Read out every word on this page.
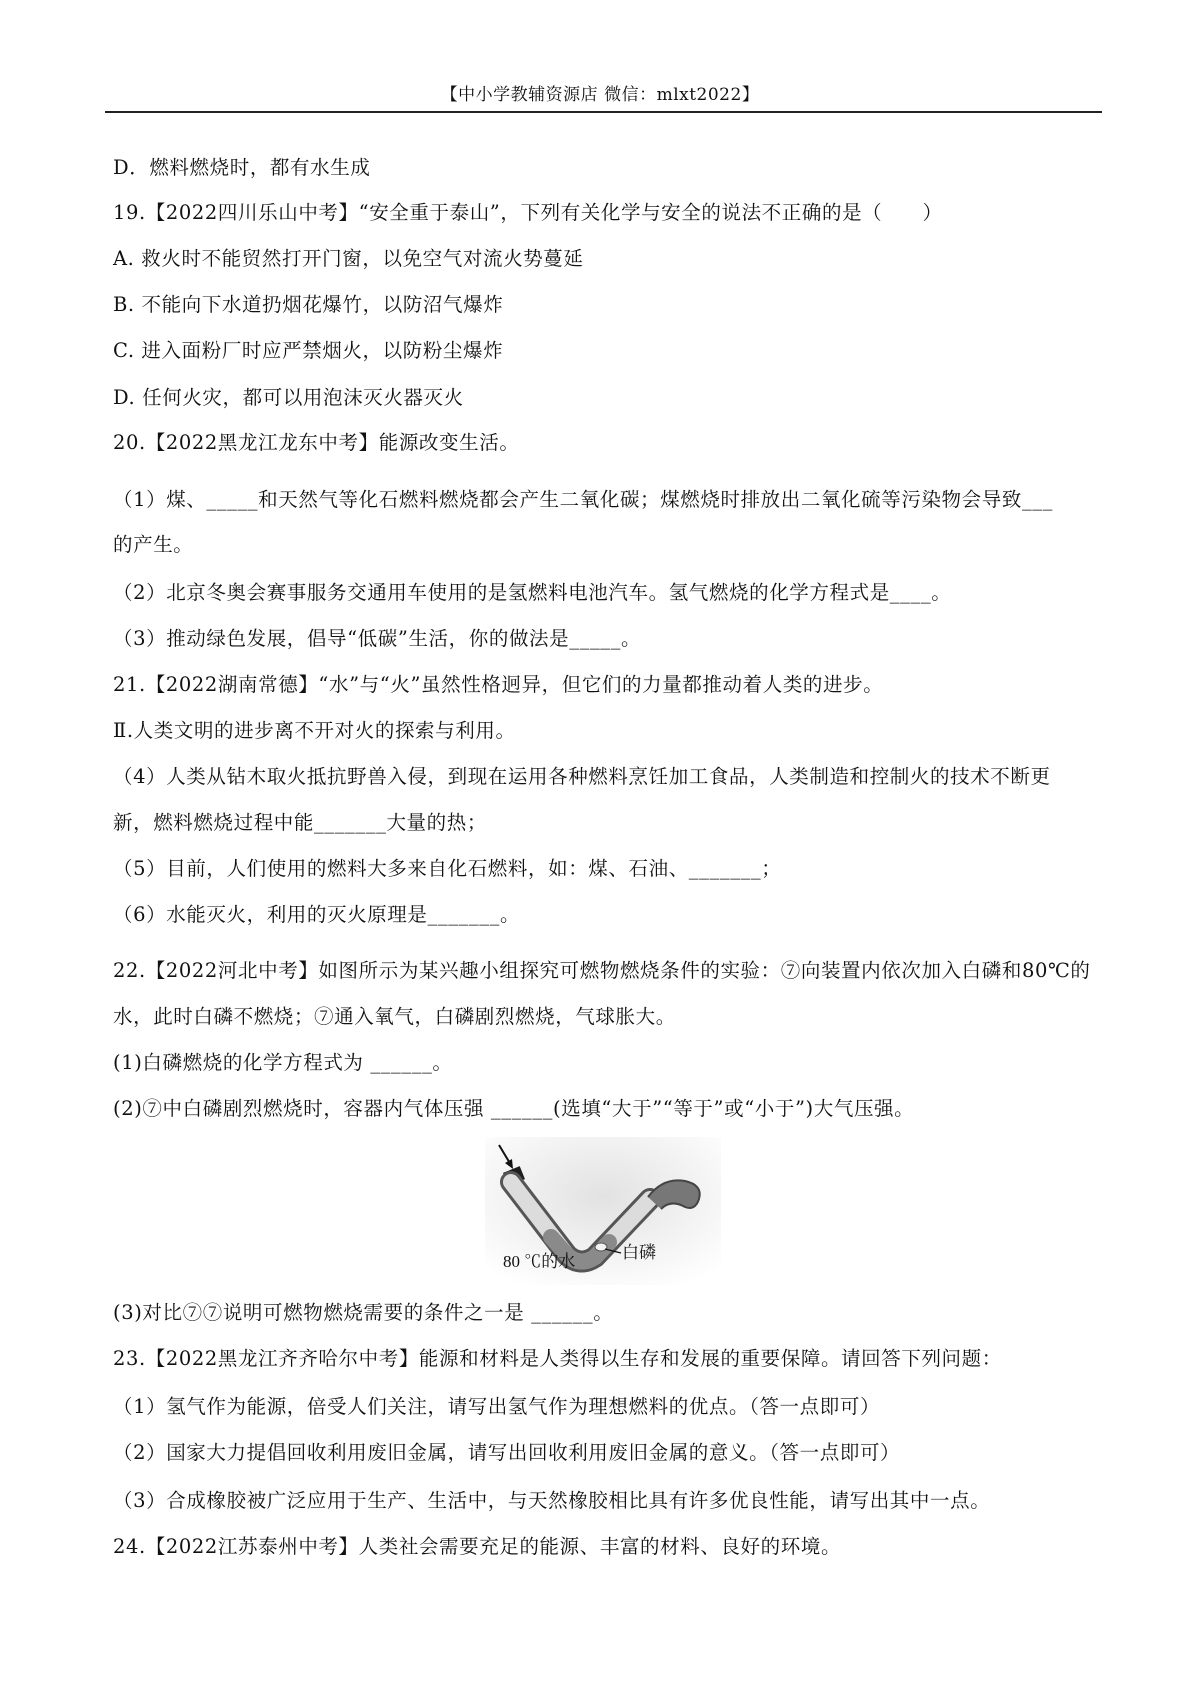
【中小学教辅资源店 微信：mlxt2022】
D．燃料燃烧时，都有水生成
19.【2022四川乐山中考】“安全重于泰山”，下列有关化学与安全的说法不正确的是（　　）
A. 救火时不能贸然打开门窗，以免空气对流火势蔓延
B. 不能向下水道扔烟花爆竹，以防沼气爆炸
C. 进入面粉厂时应严禁烟火，以防粉尘爆炸
D. 任何火灾，都可以用泡沫灭火器灭火
20.【2022黑龙江龙东中考】能源改变生活。
（1）煤、_____和天然气等化石燃料燃烧都会产生二氧化碳；煤燃烧时排放出二氧化硫等污染物会导致___
的产生。
（2）北京冬奥会赛事服务交通用车使用的是氢燃料电池汽车。氢气燃烧的化学方程式是____。
（3）推动绿色发展，倡导“低碳”生活，你的做法是_____。
21.【2022湖南常德】“水”与“火”虽然性格迥异，但它们的力量都推动着人类的进步。
Ⅱ.人类文明的进步离不开对火的探索与利用。
（4）人类从钻木取火抵抗野兽入侵，到现在运用各种燃料烹饪加工食品，人类制造和控制火的技术不断更
新，燃料燃烧过程中能_______大量的热；
（5）目前，人们使用的燃料大多来自化石燃料，如：煤、石油、_______；
（6）水能灭火，利用的灭火原理是_______。
22.【2022河北中考】如图所示为某兴趣小组探究可燃物燃烧条件的实验：⑦向装置内依次加入白磷和80℃的
水，此时白磷不燃烧；⑦通入氧气，白磷剧烈燃烧，气球胀大。
(1)白磷燃烧的化学方程式为 ______。
(2)⑦中白磷剧烈燃烧时，容器内气体压强 ______(选填“大于”“等于”或“小于”)大气压强。
80 ℃的水	白磷
(3)对比⑦⑦说明可燃物燃烧需要的条件之一是 ______。
23.【2022黑龙江齐齐哈尔中考】能源和材料是人类得以生存和发展的重要保障。请回答下列问题：
（1）氢气作为能源，倍受人们关注，请写出氢气作为理想燃料的优点。（答一点即可）
（2）国家大力提倡回收利用废旧金属，请写出回收利用废旧金属的意义。（答一点即可）
（3）合成橡胶被广泛应用于生产、生活中，与天然橡胶相比具有许多优良性能，请写出其中一点。
24.【2022江苏泰州中考】人类社会需要充足的能源、丰富的材料、良好的环境。
